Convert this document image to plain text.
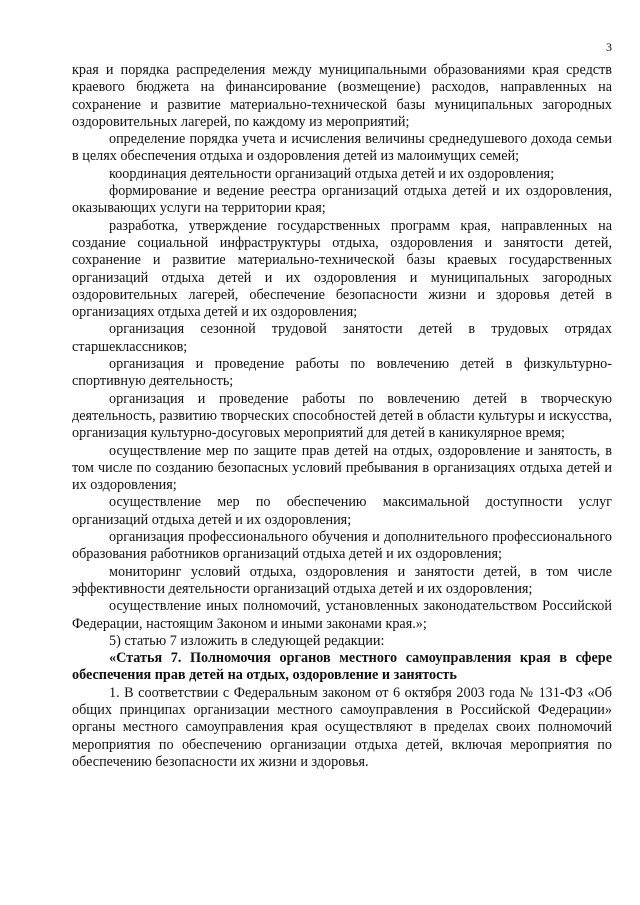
3

края и порядка распределения между муниципальными образованиями края средств краевого бюджета на финансирование (возмещение) расходов, направленных на сохранение и развитие материально-технической базы муниципальных загородных оздоровительных лагерей, по каждому из мероприятий;

определение порядка учета и исчисления величины среднедушевого дохода семьи в целях обеспечения отдыха и оздоровления детей из малоимущих семей;

координация деятельности организаций отдыха детей и их оздоровления;

формирование и ведение реестра организаций отдыха детей и их оздоровления, оказывающих услуги на территории края;

разработка, утверждение государственных программ края, направленных на создание социальной инфраструктуры отдыха, оздоровления и занятости детей, сохранение и развитие материально-технической базы краевых государственных организаций отдыха детей и их оздоровления и муниципальных загородных оздоровительных лагерей, обеспечение безопасности жизни и здоровья детей в организациях отдыха детей и их оздоровления;

организация сезонной трудовой занятости детей в трудовых отрядах старшеклассников;

организация и проведение работы по вовлечению детей в физкультурно-спортивную деятельность;

организация и проведение работы по вовлечению детей в творческую деятельность, развитию творческих способностей детей в области культуры и искусства, организация культурно-досуговых мероприятий для детей в каникулярное время;

осуществление мер по защите прав детей на отдых, оздоровление и занятость, в том числе по созданию безопасных условий пребывания в организациях отдыха детей и их оздоровления;

осуществление мер по обеспечению максимальной доступности услуг организаций отдыха детей и их оздоровления;

организация профессионального обучения и дополнительного профессионального образования работников организаций отдыха детей и их оздоровления;

мониторинг условий отдыха, оздоровления и занятости детей, в том числе эффективности деятельности организаций отдыха детей и их оздоровления;

осуществление иных полномочий, установленных законодательством Российской Федерации, настоящим Законом и иными законами края.»;

5) статью 7 изложить в следующей редакции:

«Статья 7. Полномочия органов местного самоуправления края в сфере обеспечения прав детей на отдых, оздоровление и занятость

1. В соответствии с Федеральным законом от 6 октября 2003 года № 131-ФЗ «Об общих принципах организации местного самоуправления в Российской Федерации» органы местного самоуправления края осуществляют в пределах своих полномочий мероприятия по обеспечению организации отдыха детей, включая мероприятия по обеспечению безопасности их жизни и здоровья.
